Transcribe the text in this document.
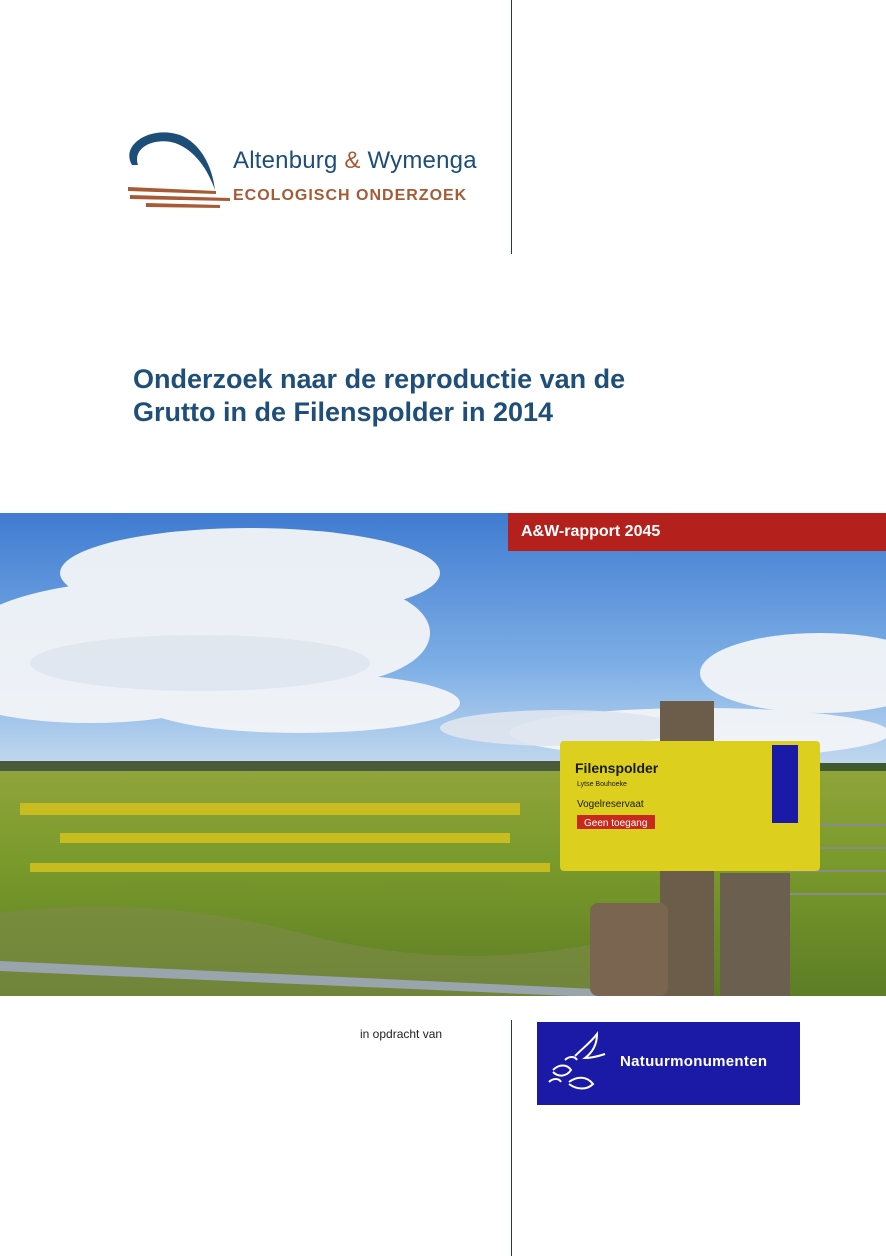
Altenburg & Wymenga
ECOLOGISCH ONDERZOEK
Onderzoek naar de reproductie van de
Grutto in de Filenspolder in 2014
Filenspolder
Lytse Bouhoeke
Vogelreservaat
Geen toegang
A&W-rapport 2045
in opdracht van
Natuurmonumenten
